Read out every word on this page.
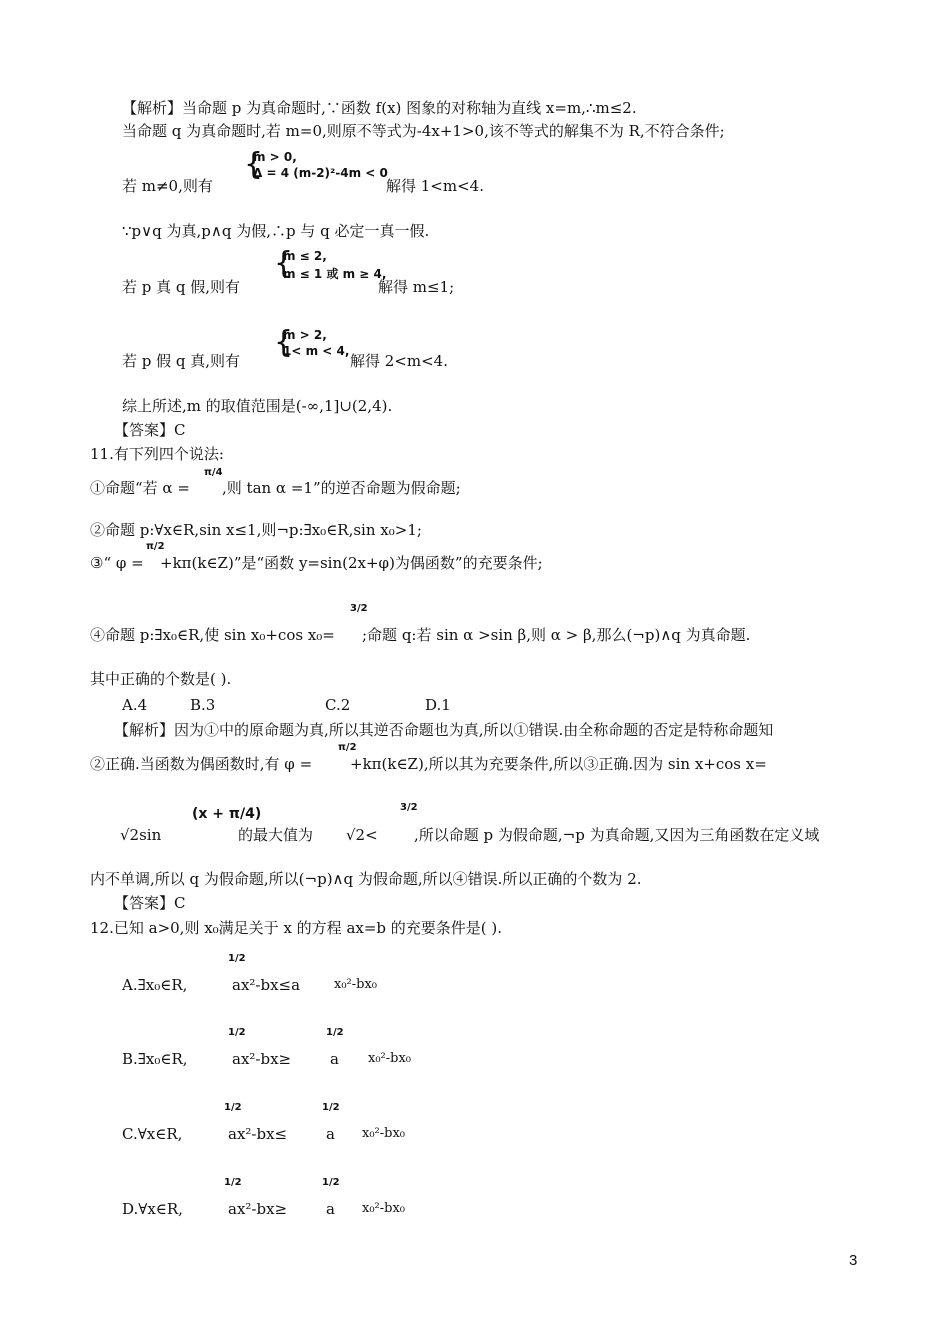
【解析】当命题 p 为真命题时,∵函数 f(x) 图象的对称轴为直线 x=m,∴m≤2.
当命题 q 为真命题时,若 m=0,则原不等式为-4x+1>0,该不等式的解集不为 R,不符合条件;
若 m≠0,则有
{
m > 0,
Δ = 4 (m-2)²-4m < 0
解得 1<m<4.
∵p∨q 为真,p∧q 为假,∴p 与 q 必定一真一假.
若 p 真 q 假,则有
{
m ≤ 2,
m ≤ 1 或 m ≥ 4,
解得 m≤1;
若 p 假 q 真,则有
{
m > 2,
1< m < 4,
解得 2<m<4.
综上所述,m 的取值范围是(-∞,1]∪(2,4).
【答案】C
11.有下列四个说法:
①命题“若 α =
π/4
,则 tan α =1”的逆否命题为假命题;
②命题 p:∀x∈R,sin x≤1,则¬p:∃x₀∈R,sin x₀>1;
③“ φ =
π/2
+kπ(k∈Z)”是“函数 y=sin(2x+φ)为偶函数”的充要条件;
④命题 p:∃x₀∈R,使 sin x₀+cos x₀=
3/2
;命题 q:若 sin α >sin β,则 α > β,那么(¬p)∧q 为真命题.
其中正确的个数是( ).
A.4	B.3	C.2	D.1
【解析】因为①中的原命题为真,所以其逆否命题也为真,所以①错误.由全称命题的否定是特称命题知
②正确.当函数为偶函数时,有 φ =
π/2
+kπ(k∈Z),所以其为充要条件,所以③正确.因为 sin x+cos x=
√2sin
(x + π/4)
的最大值为 √2<
3/2
,所以命题 p 为假命题,¬p 为真命题,又因为三角函数在定义域
内不单调,所以 q 为假命题,所以(¬p)∧q 为假命题,所以④错误.所以正确的个数为 2.
【答案】C
12.已知 a>0,则 x₀满足关于 x 的方程 ax=b 的充要条件是( ).
A.∃x₀∈R,
1/2
ax²-bx≤a	x₀²-bx₀
B.∃x₀∈R,
1/2
ax²-bx≥
1/2
a x₀²-bx₀
C.∀x∈R,
1/2
ax²-bx≤
1/2
a x₀²-bx₀
D.∀x∈R,
1/2
ax²-bx≥
1/2
a x₀²-bx₀
3
